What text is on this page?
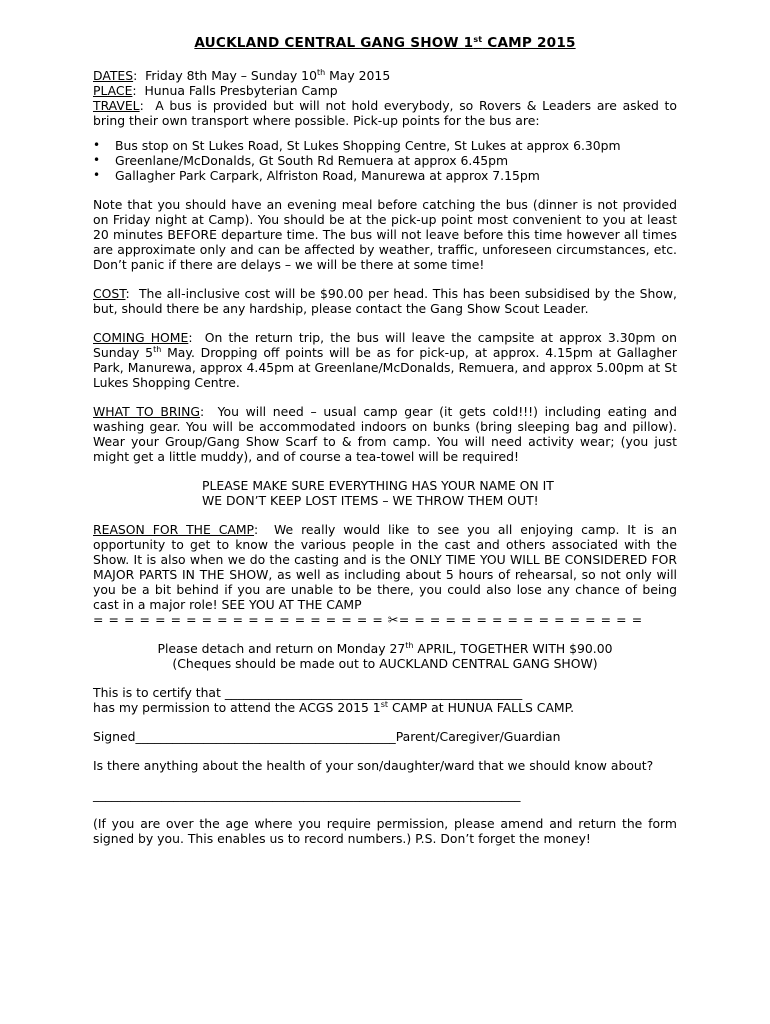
AUCKLAND CENTRAL GANG SHOW 1st CAMP 2015

DATES:  Friday 8th May – Sunday 10th May 2015

PLACE:  Hunua Falls Presbyterian Camp

TRAVEL:  A bus is provided but will not hold everybody, so Rovers & Leaders are asked to bring their own transport where possible. Pick-up points for the bus are:

• Bus stop on St Lukes Road, St Lukes Shopping Centre, St Lukes at approx 6.30pm
• Greenlane/McDonalds, Gt South Rd Remuera at approx 6.45pm
• Gallagher Park Carpark, Alfriston Road, Manurewa at approx 7.15pm

Note that you should have an evening meal before catching the bus (dinner is not provided on Friday night at Camp). You should be at the pick-up point most convenient to you at least 20 minutes BEFORE departure time. The bus will not leave before this time however all times are approximate only and can be affected by weather, traffic, unforeseen circumstances, etc. Don’t panic if there are delays – we will be there at some time!

COST:  The all-inclusive cost will be $90.00 per head. This has been subsidised by the Show, but, should there be any hardship, please contact the Gang Show Scout Leader.

COMING HOME:  On the return trip, the bus will leave the campsite at approx 3.30pm on Sunday 5th May. Dropping off points will be as for pick-up, at approx. 4.15pm at Gallagher Park, Manurewa, approx 4.45pm at Greenlane/McDonalds, Remuera, and approx 5.00pm at St Lukes Shopping Centre.

WHAT TO BRING:  You will need – usual camp gear (it gets cold!!!) including eating and washing gear. You will be accommodated indoors on bunks (bring sleeping bag and pillow). Wear your Group/Gang Show Scarf to & from camp. You will need activity wear; (you just might get a little muddy), and of course a tea-towel will be required!

PLEASE MAKE SURE EVERYTHING HAS YOUR NAME ON IT
WE DON’T KEEP LOST ITEMS – WE THROW THEM OUT!

REASON FOR THE CAMP:  We really would like to see you all enjoying camp. It is an opportunity to get to know the various people in the cast and others associated with the Show. It is also when we do the casting and is the ONLY TIME YOU WILL BE CONSIDERED FOR MAJOR PARTS IN THE SHOW, as well as including about 5 hours of rehearsal, so not only will you be a bit behind if you are unable to be there, you could also lose any chance of being cast in a major role! SEE YOU AT THE CAMP

= = = = = = = = = = = = = = = = = = = ✂= = = = = = = = = = = = = = = =
Please detach and return on Monday 27th APRIL, TOGETHER WITH $90.00
(Cheques should be made out to AUCKLAND CENTRAL GANG SHOW)
This is to certify that ________________________________________________
has my permission to attend the ACGS 2015 1st CAMP at HUNUA FALLS CAMP.
Signed__________________________________________Parent/Caregiver/Guardian

Is there anything about the health of your son/daughter/ward that we should know about?

_____________________________________________________________________

(If you are over the age where you require permission, please amend and return the form signed by you. This enables us to record numbers.) P.S. Don’t forget the money!
